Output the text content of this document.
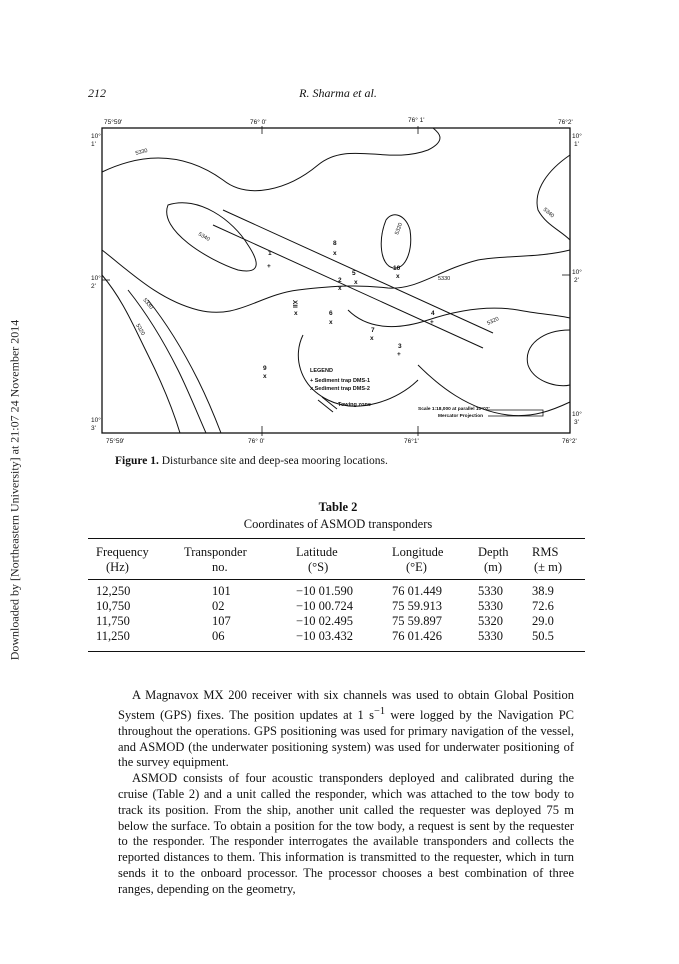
212	R. Sharma et al.
Downloaded by [Northeastern University] at 21:07 24 November 2014
75°59'	76° 0'	76° 1'	76°2'
75°59'	76° 0'	76°1'	76°2'
10°
1'
10°
1'
10°
2'
10°
2'
10°
3'
10°
3'
5330
5340
5330
5330
5320
5320
5320
5340
1
+
2
x
3
+
4
+
5
x
6
x
7
x
8
x
9
x
10
x
XII
x
LEGEND
+ Sediment trap DMS-1
x Sediment trap DMS-2
Towing zone
Scale 1:18,000 at parallel 10°02'
Mercator Projection
Figure 1. Disturbance site and deep-sea mooring locations.
Table 2
Coordinates of ASMOD transponders
Frequency	Transponder	Latitude	Longitude	Depth	RMS
(Hz)	no.	(°S)	(°E)	(m)	(± m)

12,250	101	−10 01.590	76 01.449	5330	38.9
10,750	02	−10 00.724	75 59.913	5330	72.6
11,750	107	−10 02.495	75 59.897	5320	29.0
11,250	06	−10 03.432	76 01.426	5330	50.5

A Magnavox MX 200 receiver with six channels was used to obtain Global Position System (GPS) fixes. The position updates at 1 $s^{-1}$ were logged by the Navigation PC throughout the operations. GPS positioning was used for primary navigation of the vessel, and ASMOD (the underwater positioning system) was used for underwater positioning of the survey equipment.

ASMOD consists of four acoustic transponders deployed and calibrated during the cruise (Table 2) and a unit called the responder, which was attached to the tow body to track its position. From the ship, another unit called the requester was deployed 75 m below the surface. To obtain a position for the tow body, a request is sent by the requester to the responder. The responder interrogates the available transponders and collects the reported distances to them. This information is transmitted to the requester, which in turn sends it to the onboard processor. The processor chooses a best combination of three ranges, depending on the geometry,
